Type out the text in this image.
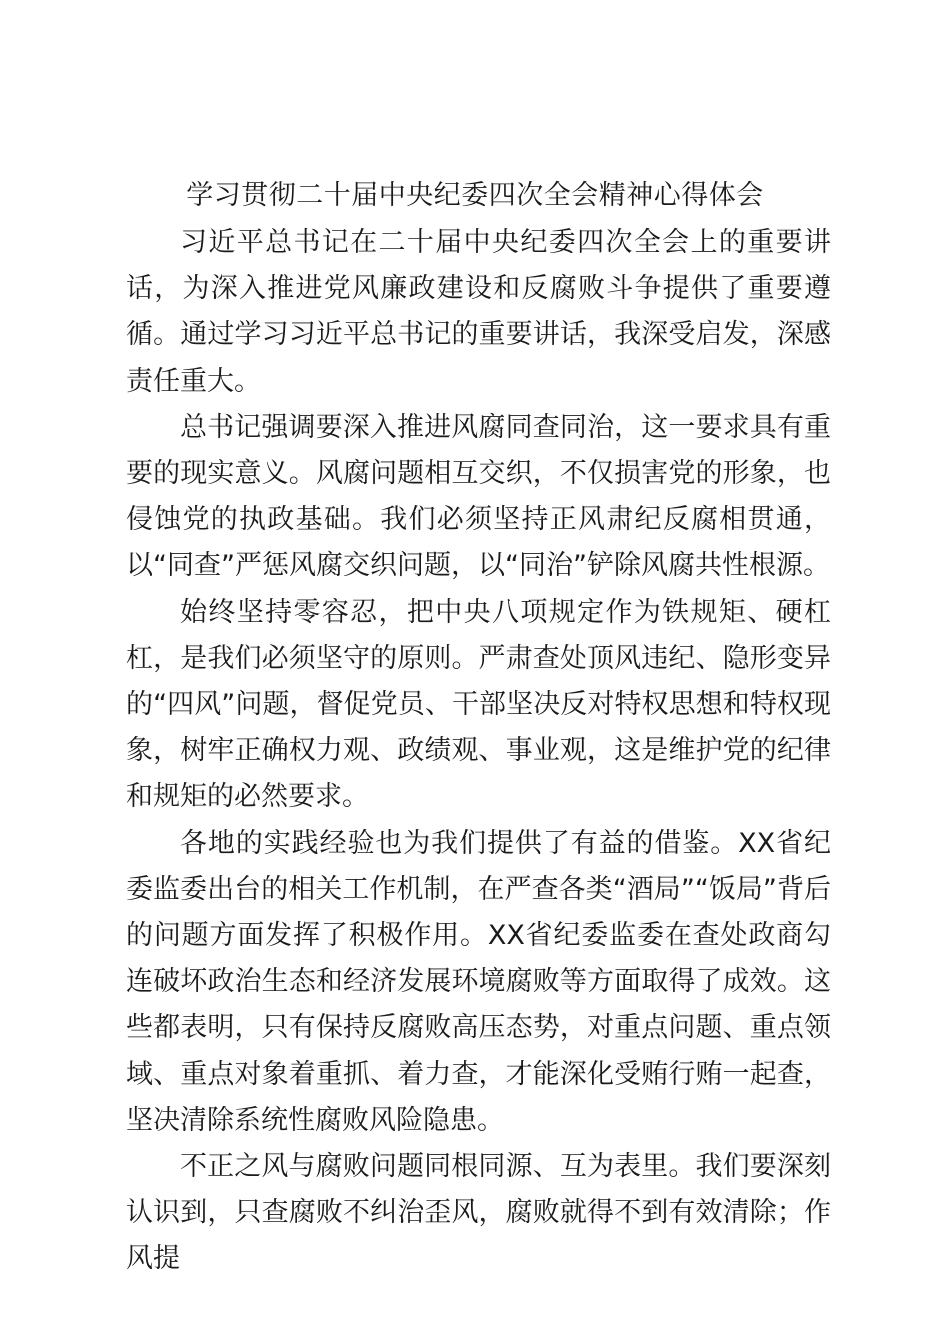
学习贯彻二十届中央纪委四次全会精神心得体会

习近平总书记在二十届中央纪委四次全会上的重要讲话，为深入推进党风廉政建设和反腐败斗争提供了重要遵循。通过学习习近平总书记的重要讲话，我深受启发，深感责任重大。

总书记强调要深入推进风腐同查同治，这一要求具有重要的现实意义。风腐问题相互交织，不仅损害党的形象，也侵蚀党的执政基础。我们必须坚持正风肃纪反腐相贯通，以“同查”严惩风腐交织问题，以“同治”铲除风腐共性根源。

始终坚持零容忍，把中央八项规定作为铁规矩、硬杠杠，是我们必须坚守的原则。严肃查处顶风违纪、隐形变异的“四风”问题，督促党员、干部坚决反对特权思想和特权现象，树牢正确权力观、政绩观、事业观，这是维护党的纪律和规矩的必然要求。

各地的实践经验也为我们提供了有益的借鉴。XX省纪委监委出台的相关工作机制，在严查各类“酒局”“饭局”背后的问题方面发挥了积极作用。XX省纪委监委在查处政商勾连破坏政治生态和经济发展环境腐败等方面取得了成效。这些都表明，只有保持反腐败高压态势，对重点问题、重点领域、重点对象着重抓、着力查，才能深化受贿行贿一起查，坚决清除系统性腐败风险隐患。

不正之风与腐败问题同根同源、互为表里。我们要深刻认识到，只查腐败不纠治歪风，腐败就得不到有效清除；作风提
